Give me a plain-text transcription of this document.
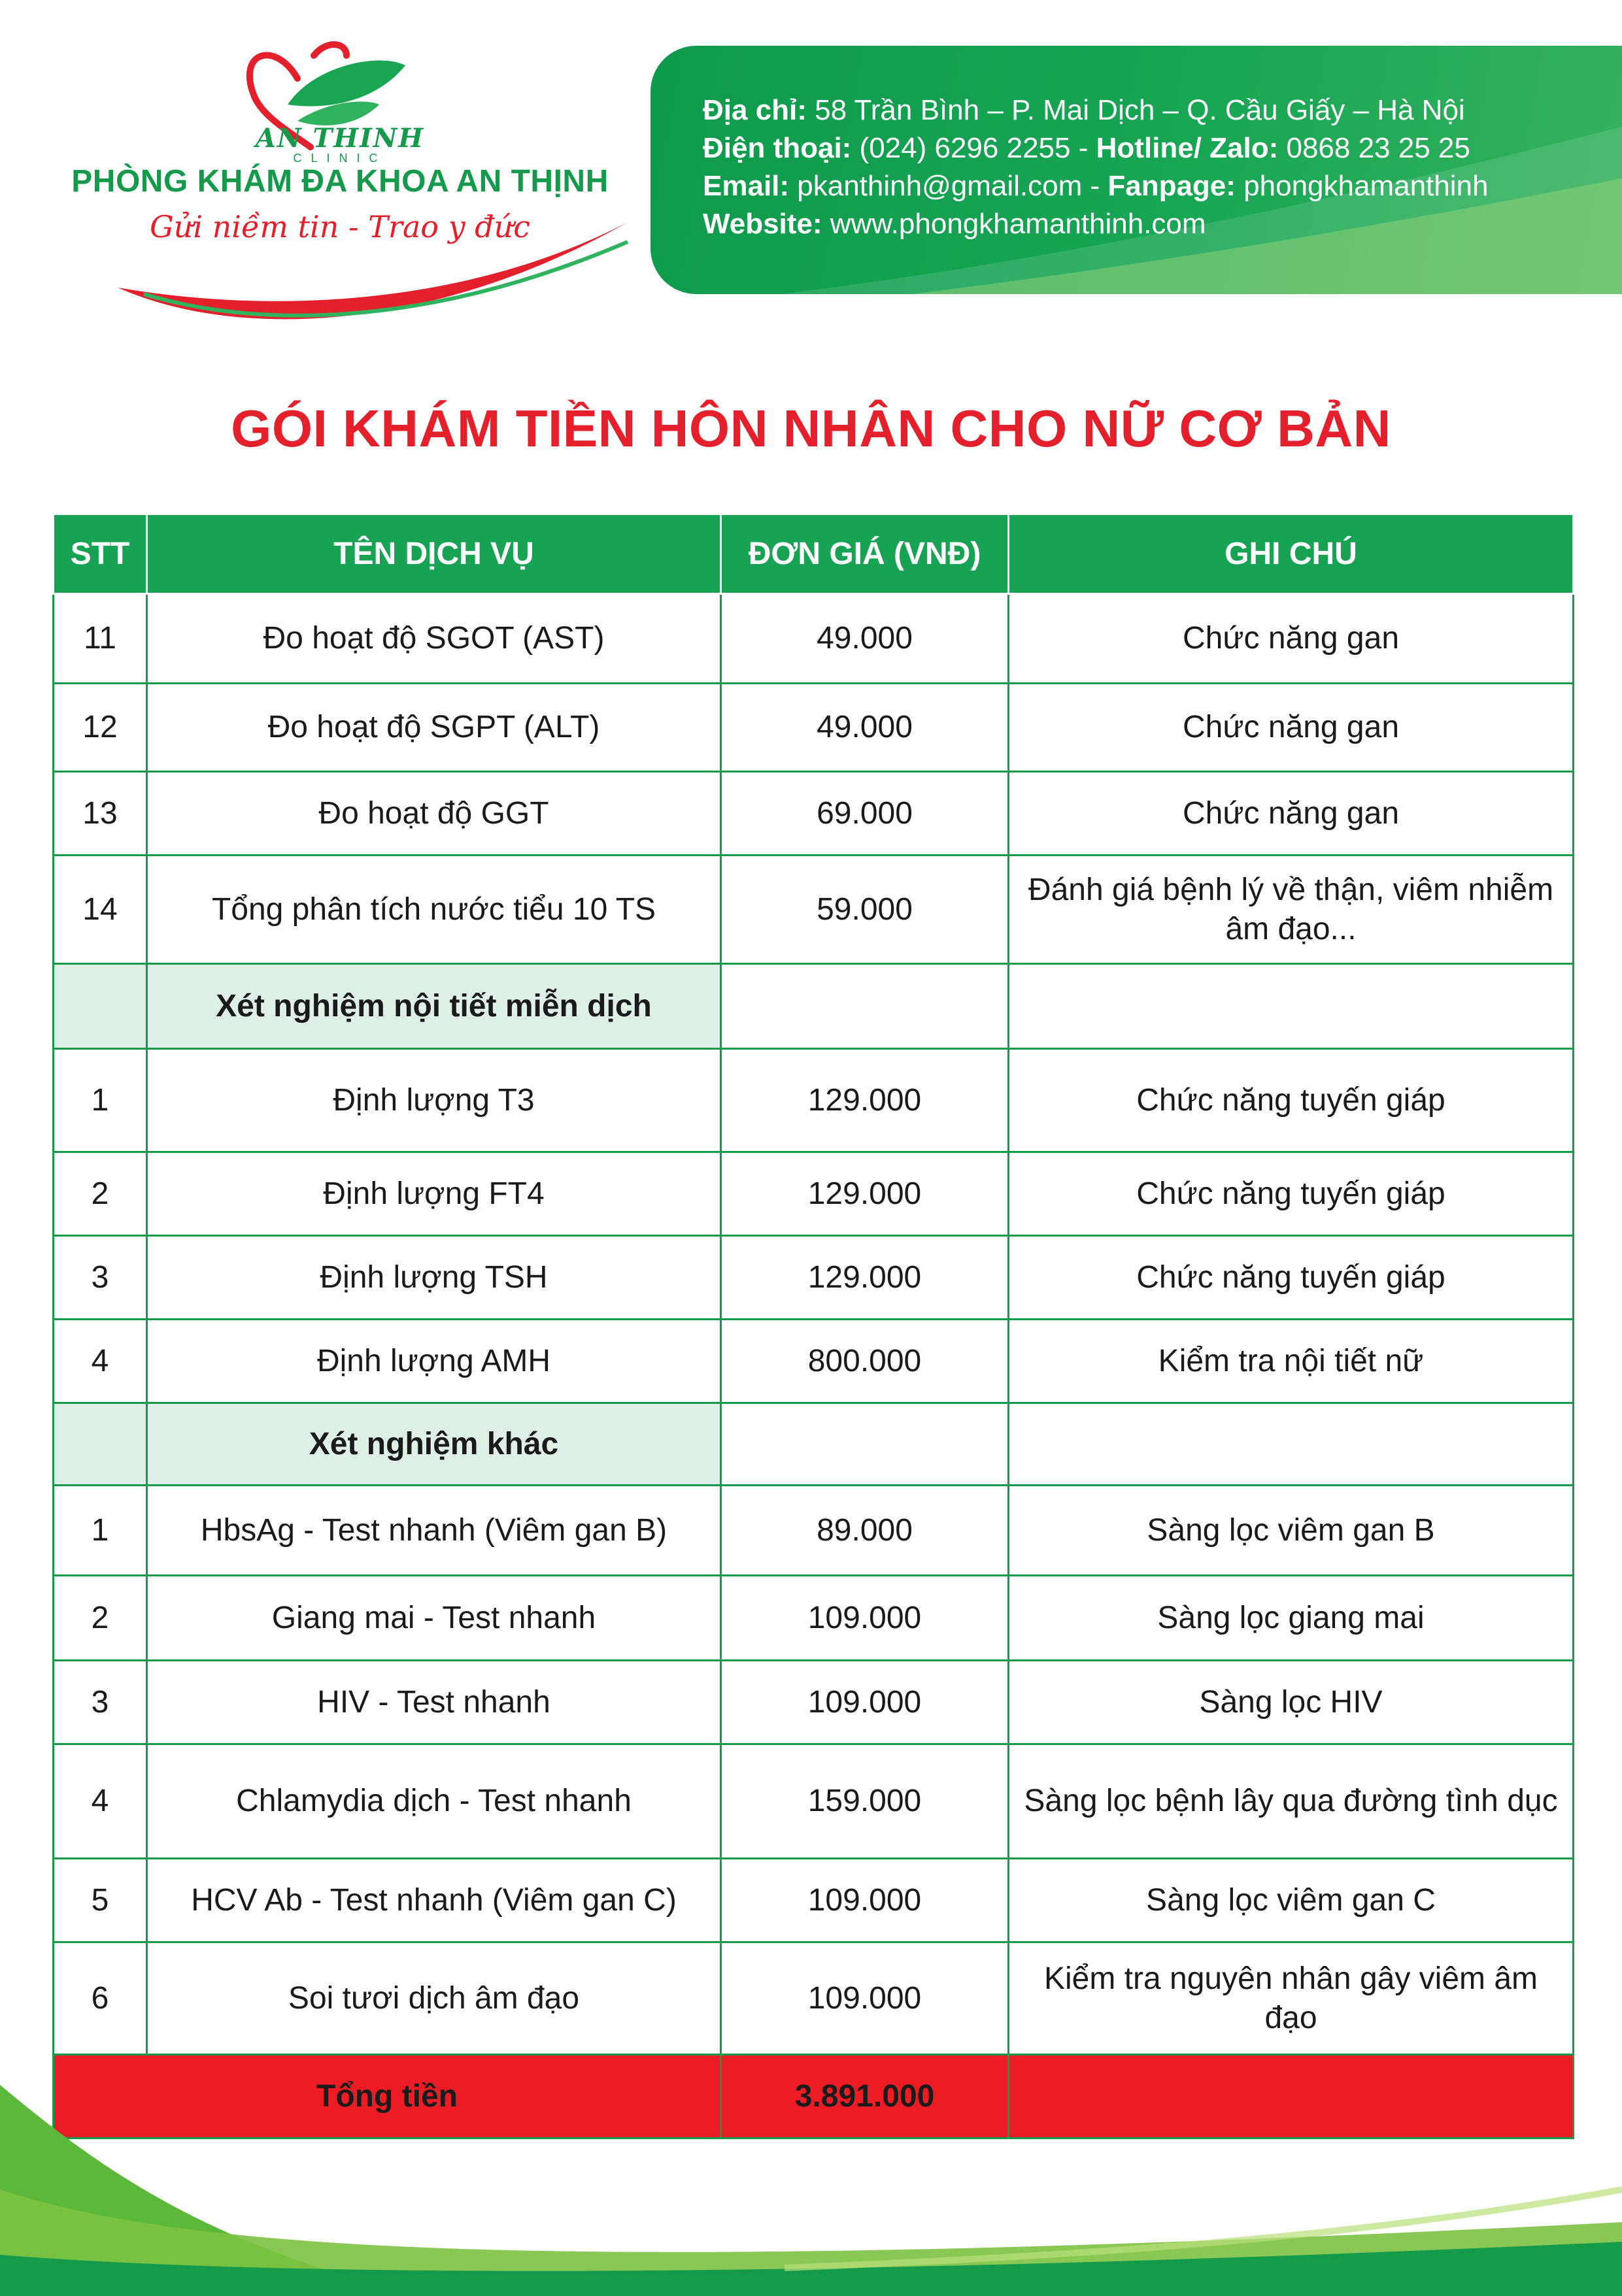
AN THINH
CLINIC
PHÒNG KHÁM ĐA KHOA AN THỊNH
Gửi niềm tin - Trao y đức
Địa chỉ: 58 Trần Bình – P. Mai Dịch – Q. Cầu Giấy – Hà Nội
Điện thoại: (024) 6296 2255 - Hotline/ Zalo: 0868 23 25 25
Email: pkanthinh@gmail.com - Fanpage: phongkhamanthinh
Website: www.phongkhamanthinh.com
GÓI KHÁM TIỀN HÔN NHÂN CHO NỮ CƠ BẢN
STT	TÊN DỊCH VỤ	ĐƠN GIÁ (VNĐ)	GHI CHÚ
11	Đo hoạt độ SGOT (AST)	49.000	Chức năng gan
12	Đo hoạt độ SGPT (ALT)	49.000	Chức năng gan
13	Đo hoạt độ GGT	69.000	Chức năng gan
14	Tổng phân tích nước tiểu 10 TS	59.000	Đánh giá bệnh lý về thận, viêm nhiễm âm đạo...
	Xét nghiệm nội tiết miễn dịch		
1	Định lượng T3	129.000	Chức năng tuyến giáp
2	Định lượng FT4	129.000	Chức năng tuyến giáp
3	Định lượng TSH	129.000	Chức năng tuyến giáp
4	Định lượng AMH	800.000	Kiểm tra nội tiết nữ
	Xét nghiệm khác		
1	HbsAg - Test nhanh (Viêm gan B)	89.000	Sàng lọc viêm gan B
2	Giang mai - Test nhanh	109.000	Sàng lọc giang mai
3	HIV - Test nhanh	109.000	Sàng lọc HIV
4	Chlamydia dịch - Test nhanh	159.000	Sàng lọc bệnh lây qua đường tình dục
5	HCV Ab - Test nhanh (Viêm gan C)	109.000	Sàng lọc viêm gan C
6	Soi tươi dịch âm đạo	109.000	Kiểm tra nguyên nhân gây viêm âm đạo
Tổng tiền		3.891.000	
